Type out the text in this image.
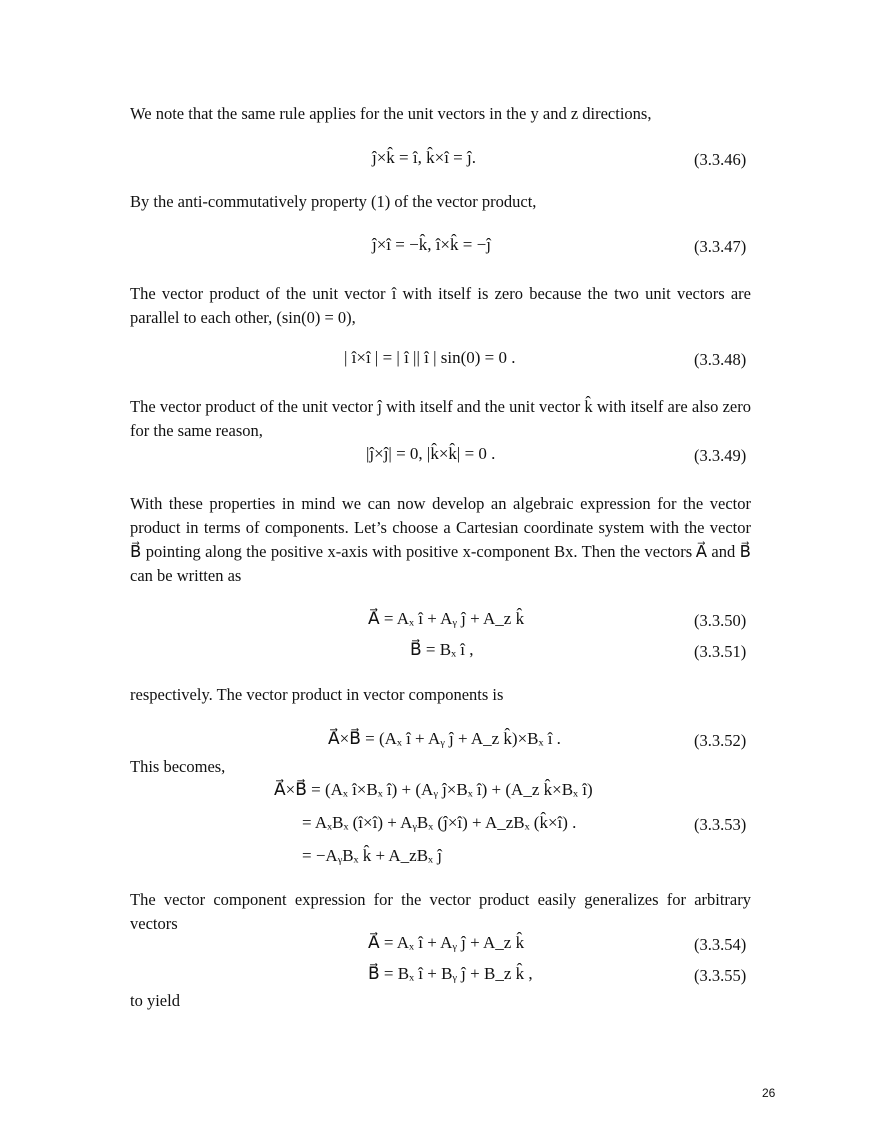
We note that the same rule applies for the unit vectors in the y and z directions,
ĵ×k̂ = î, k̂×î = ĵ.	(3.3.46)
By the anti-commutatively property (1) of the vector product,
ĵ×î = −k̂, î×k̂ = −ĵ	(3.3.47)
The vector product of the unit vector î with itself is zero because the two unit vectors are parallel to each other, (sin(0) = 0),
| î×î | = | î || î | sin(0) = 0 .	(3.3.48)
The vector product of the unit vector ĵ with itself and the unit vector k̂ with itself are also zero for the same reason,
|ĵ×ĵ| = 0, |k̂×k̂| = 0 .	(3.3.49)
With these properties in mind we can now develop an algebraic expression for the vector product in terms of components. Let’s choose a Cartesian coordinate system with the vector B⃗ pointing along the positive x-axis with positive x-component Bx. Then the vectors A⃗ and B⃗ can be written as
A⃗ = Aₓ î + Aᵧ ĵ + A_z k̂	(3.3.50)
B⃗ = Bₓ î ,	(3.3.51)
respectively. The vector product in vector components is
A⃗×B⃗ = (Aₓ î + Aᵧ ĵ + A_z k̂)×Bₓ î .	(3.3.52)
This becomes,
A⃗×B⃗ = (Aₓ î×Bₓ î) + (Aᵧ ĵ×Bₓ î) + (A_z k̂×Bₓ î)
= AₓBₓ (î×î) + AᵧBₓ (ĵ×î) + A_zBₓ (k̂×î) .	(3.3.53)
= −AᵧBₓ k̂ + A_zBₓ ĵ
The vector component expression for the vector product easily generalizes for arbitrary vectors
A⃗ = Aₓ î + Aᵧ ĵ + A_z k̂	(3.3.54)
B⃗ = Bₓ î + Bᵧ ĵ + B_z k̂ ,	(3.3.55)
to yield
26
